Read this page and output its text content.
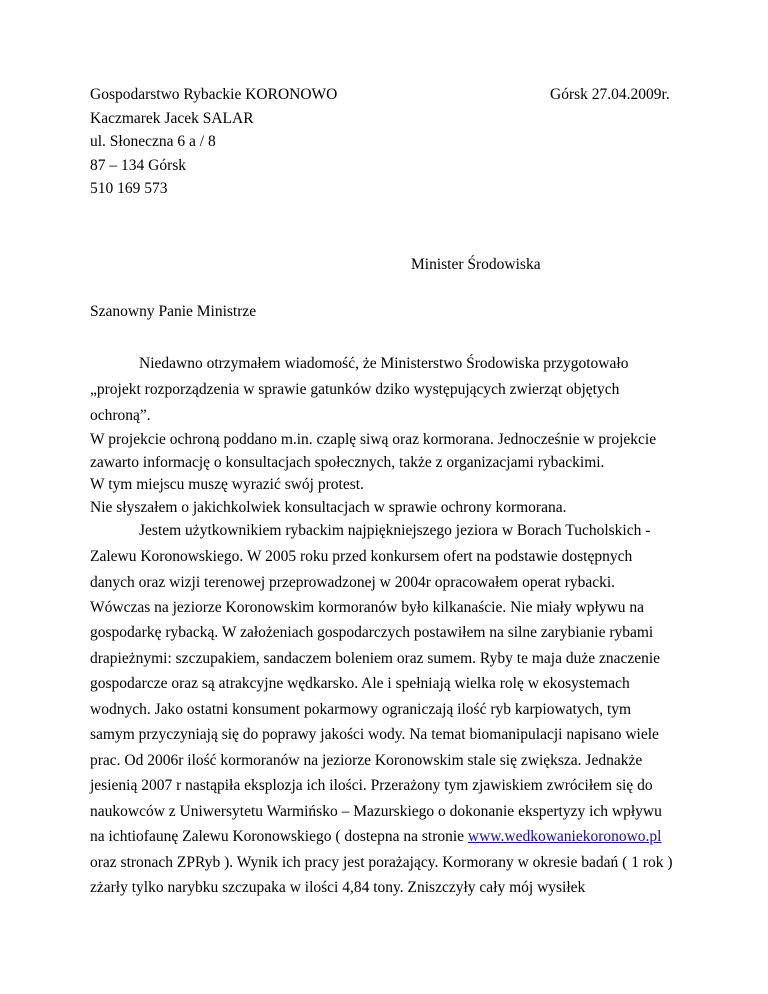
Gospodarstwo Rybackie KORONOWO	Górsk 27.04.2009r.
Kaczmarek Jacek SALAR
ul. Słoneczna 6 a / 8
87 – 134 Górsk
510 169 573
Minister Środowiska
Szanowny Panie Ministrze
Niedawno otrzymałem wiadomość, że Ministerstwo Środowiska przygotowało
„projekt rozporządzenia w sprawie gatunków dziko występujących zwierząt objętych
ochroną”.
W projekcie ochroną poddano m.in. czaplę siwą oraz kormorana. Jednocześnie w projekcie
zawarto informację o konsultacjach społecznych, także z organizacjami rybackimi.
W tym miejscu muszę wyrazić swój protest.
Nie słyszałem o jakichkolwiek konsultacjach w sprawie ochrony kormorana.
Jestem użytkownikiem rybackim najpiękniejszego jeziora w Borach Tucholskich -
Zalewu Koronowskiego. W 2005 roku przed konkursem ofert na podstawie dostępnych
danych oraz wizji terenowej przeprowadzonej w 2004r opracowałem operat rybacki.
Wówczas na jeziorze Koronowskim kormoranów było kilkanaście. Nie miały wpływu na
gospodarkę rybacką. W założeniach gospodarczych postawiłem na silne zarybianie rybami
drapieżnymi: szczupakiem, sandaczem boleniem oraz sumem. Ryby te maja duże znaczenie
gospodarcze oraz są atrakcyjne wędkarsko. Ale i spełniają wielka rolę w ekosystemach
wodnych. Jako ostatni konsument pokarmowy ograniczają ilość ryb karpiowatych, tym
samym przyczyniają się do poprawy jakości wody. Na temat biomanipulacji napisano wiele
prac. Od 2006r ilość kormoranów na jeziorze Koronowskim stale się zwiększa. Jednakże
jesienią 2007 r nastąpiła eksplozja ich ilości. Przerażony tym zjawiskiem zwróciłem się do
naukowców z Uniwersytetu Warmińsko – Mazurskiego o dokonanie ekspertyzy ich wpływu
na ichtiofaunę Zalewu Koronowskiego ( dostepna na stronie www.wedkowaniekoronowo.pl
oraz stronach ZPRyb ). Wynik ich pracy jest porażający. Kormorany w okresie badań ( 1 rok )
zżarły tylko narybku szczupaka w ilości 4,84 tony. Zniszczyły cały mój wysiłek
